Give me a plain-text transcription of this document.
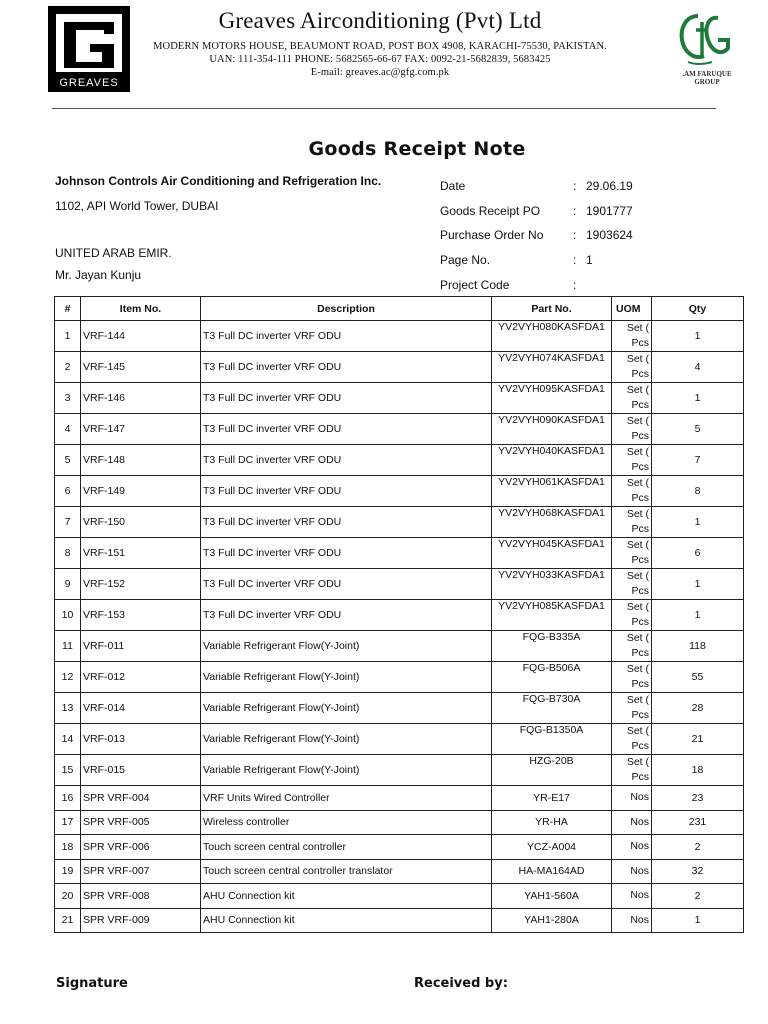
GREAVES
Greaves Airconditioning (Pvt) Ltd
MODERN MOTORS HOUSE, BEAUMONT ROAD, POST BOX 4908, KARACHI-75530, PAKISTAN.
UAN: 111-354-111 PHONE: 5682565-66-67 FAX: 0092-21-5682839, 5683425
E-mail: greaves.ac@gfg.com.pk	.AM FARUQUE
GROUP
Goods Receipt Note
Johnson Controls Air Conditioning and Refrigeration Inc.
1102, API World Tower, DUBAI
UNITED ARAB EMIR.
Mr. Jayan Kunju
Date	: 29.06.19
Goods Receipt PO	: 1901777
Purchase Order No : 1903624
Page No.	: 1
Project Code	:
#	Item No.	Description	Part No.	UOM	Qty
1	VRF-144	T3 Full DC inverter VRF ODU	YV2VYH080KASFDA1	Set (
Pcs	1
2	VRF-145	T3 Full DC inverter VRF ODU	YV2VYH074KASFDA1	Set (
Pcs	4
3	VRF-146	T3 Full DC inverter VRF ODU	YV2VYH095KASFDA1	Set (
Pcs	1
4	VRF-147	T3 Full DC inverter VRF ODU	YV2VYH090KASFDA1	Set (
Pcs	5
5	VRF-148	T3 Full DC inverter VRF ODU	YV2VYH040KASFDA1	Set (
Pcs	7
6	VRF-149	T3 Full DC inverter VRF ODU	YV2VYH061KASFDA1	Set (
Pcs	8
7	VRF-150	T3 Full DC inverter VRF ODU	YV2VYH068KASFDA1	Set (
Pcs	1
8	VRF-151	T3 Full DC inverter VRF ODU	YV2VYH045KASFDA1	Set (
Pcs	6
9	VRF-152	T3 Full DC inverter VRF ODU	YV2VYH033KASFDA1	Set (
Pcs	1
10	VRF-153	T3 Full DC inverter VRF ODU	YV2VYH085KASFDA1	Set (
Pcs	1
11	VRF-011	Variable Refrigerant Flow(Y-Joint)	FQG-B335A	Set (
Pcs	118
12	VRF-012	Variable Refrigerant Flow(Y-Joint)	FQG-B506A	Set (
Pcs	55
13	VRF-014	Variable Refrigerant Flow(Y-Joint)	FQG-B730A	Set (
Pcs	28
14	VRF-013	Variable Refrigerant Flow(Y-Joint)	FQG-B1350A	Set (
Pcs	21
15	VRF-015	Variable Refrigerant Flow(Y-Joint)	HZG-20B	Set (
Pcs	18
16	SPR VRF-004	VRF Units Wired Controller	YR-E17	Nos	23
17	SPR VRF-005	Wireless controller	YR-HA	Nos	231
18	SPR VRF-006	Touch screen central controller	YCZ-A004	Nos	2
19	SPR VRF-007	Touch screen central controller translator	HA-MA164AD	Nos	32
20	SPR VRF-008	AHU Connection kit	YAH1-560A	Nos	2
21	SPR VRF-009	AHU Connection kit	YAH1-280A	Nos	1
Signature	Received by:
